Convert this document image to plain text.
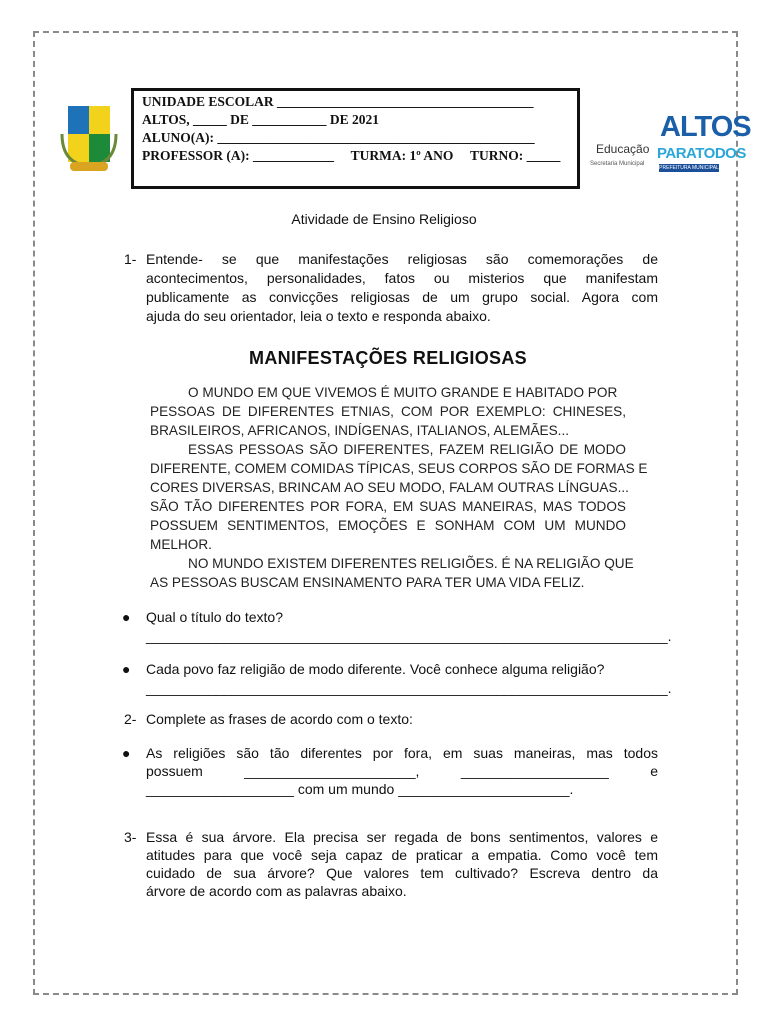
UNIDADE ESCOLAR ______________________________________
ALTOS, _____ DE ___________ DE 2021
ALUNO(A): _______________________________________________
PROFESSOR (A): ____________     TURMA: 1º ANO     TURNO: _____	Educação
Secretaria Municipal
ALTOS
PARATODOS
PREFEITURA MUNICIPAL
Atividade de Ensino Religioso
1- Entende- se que manifestações religiosas são comemorações de
acontecimentos, personalidades, fatos ou misterios que manifestam
publicamente as convicções religiosas de um grupo social. Agora com
ajuda do seu orientador, leia o texto e responda abaixo.
MANIFESTAÇÕES RELIGIOSAS
O MUNDO EM QUE VIVEMOS É MUITO GRANDE E HABITADO POR
PESSOAS DE DIFERENTES ETNIAS, COM POR EXEMPLO: CHINESES,
BRASILEIROS, AFRICANOS, INDÍGENAS, ITALIANOS, ALEMÃES...
ESSAS PESSOAS SÃO DIFERENTES, FAZEM RELIGIÃO DE MODO
DIFERENTE, COMEM COMIDAS TÍPICAS, SEUS CORPOS SÃO DE FORMAS E
CORES DIVERSAS, BRINCAM AO SEU MODO, FALAM OUTRAS LÍNGUAS...
SÃO TÃO DIFERENTES POR FORA, EM SUAS MANEIRAS, MAS TODOS
POSSUEM SENTIMENTOS, EMOÇÕES E SONHAM COM UM MUNDO
MELHOR.
NO MUNDO EXISTEM DIFERENTES RELIGIÕES. É NA RELIGIÃO QUE
AS PESSOAS BUSCAM ENSINAMENTO PARA TER UMA VIDA FELIZ.
● Qual o título do texto?
___________________________________________________________________.
● Cada povo faz religião de modo diferente. Você conhece alguma religião?
___________________________________________________________________.
2- Complete as frases de acordo com o texto:
● As religiões são tão diferentes por fora, em suas maneiras, mas todos
possuem ______________________, ___________________ e
___________________ com um mundo ______________________.
3- Essa é sua árvore. Ela precisa ser regada de bons sentimentos, valores e
atitudes para que você seja capaz de praticar a empatia. Como você tem
cuidado de sua árvore? Que valores tem cultivado? Escreva dentro da
árvore de acordo com as palavras abaixo.
